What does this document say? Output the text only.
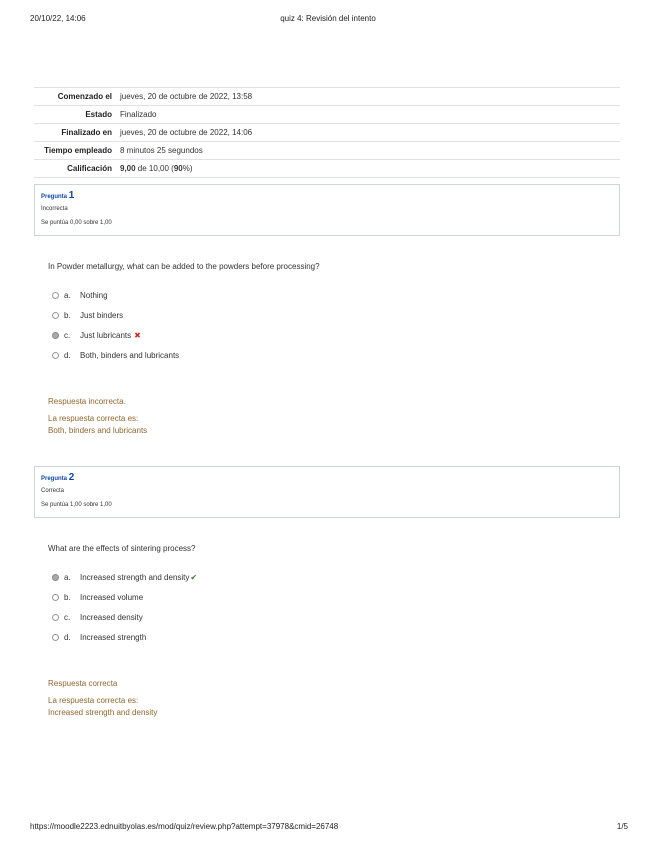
20/10/22, 14:06	quiz 4: Revisión del intento
Comenzado el	jueves, 20 de octubre de 2022, 13:58
Estado	Finalizado
Finalizado en	jueves, 20 de octubre de 2022, 14:06
Tiempo empleado	8 minutos 25 segundos
Calificación	9,00 de 10,00 (90%)
Pregunta 1
Incorrecta
Se puntúa 0,00 sobre 1,00
In Powder metallurgy, what can be added to the powders before processing?
a.	Nothing
b.	Just binders
c.	Just lubricants ✖
d.	Both, binders and lubricants
Respuesta incorrecta.
La respuesta correcta es:
Both, binders and lubricants
Pregunta 2
Correcta
Se puntúa 1,00 sobre 1,00
What are the effects of sintering process?
a.	Increased strength and density ✔
b.	Increased volume
c.	Increased density
d.	Increased strength
Respuesta correcta
La respuesta correcta es:
Increased strength and density
https://moodle2223.ednuitbyolas.es/mod/quiz/review.php?attempt=37978&cmid=26748	1/5
